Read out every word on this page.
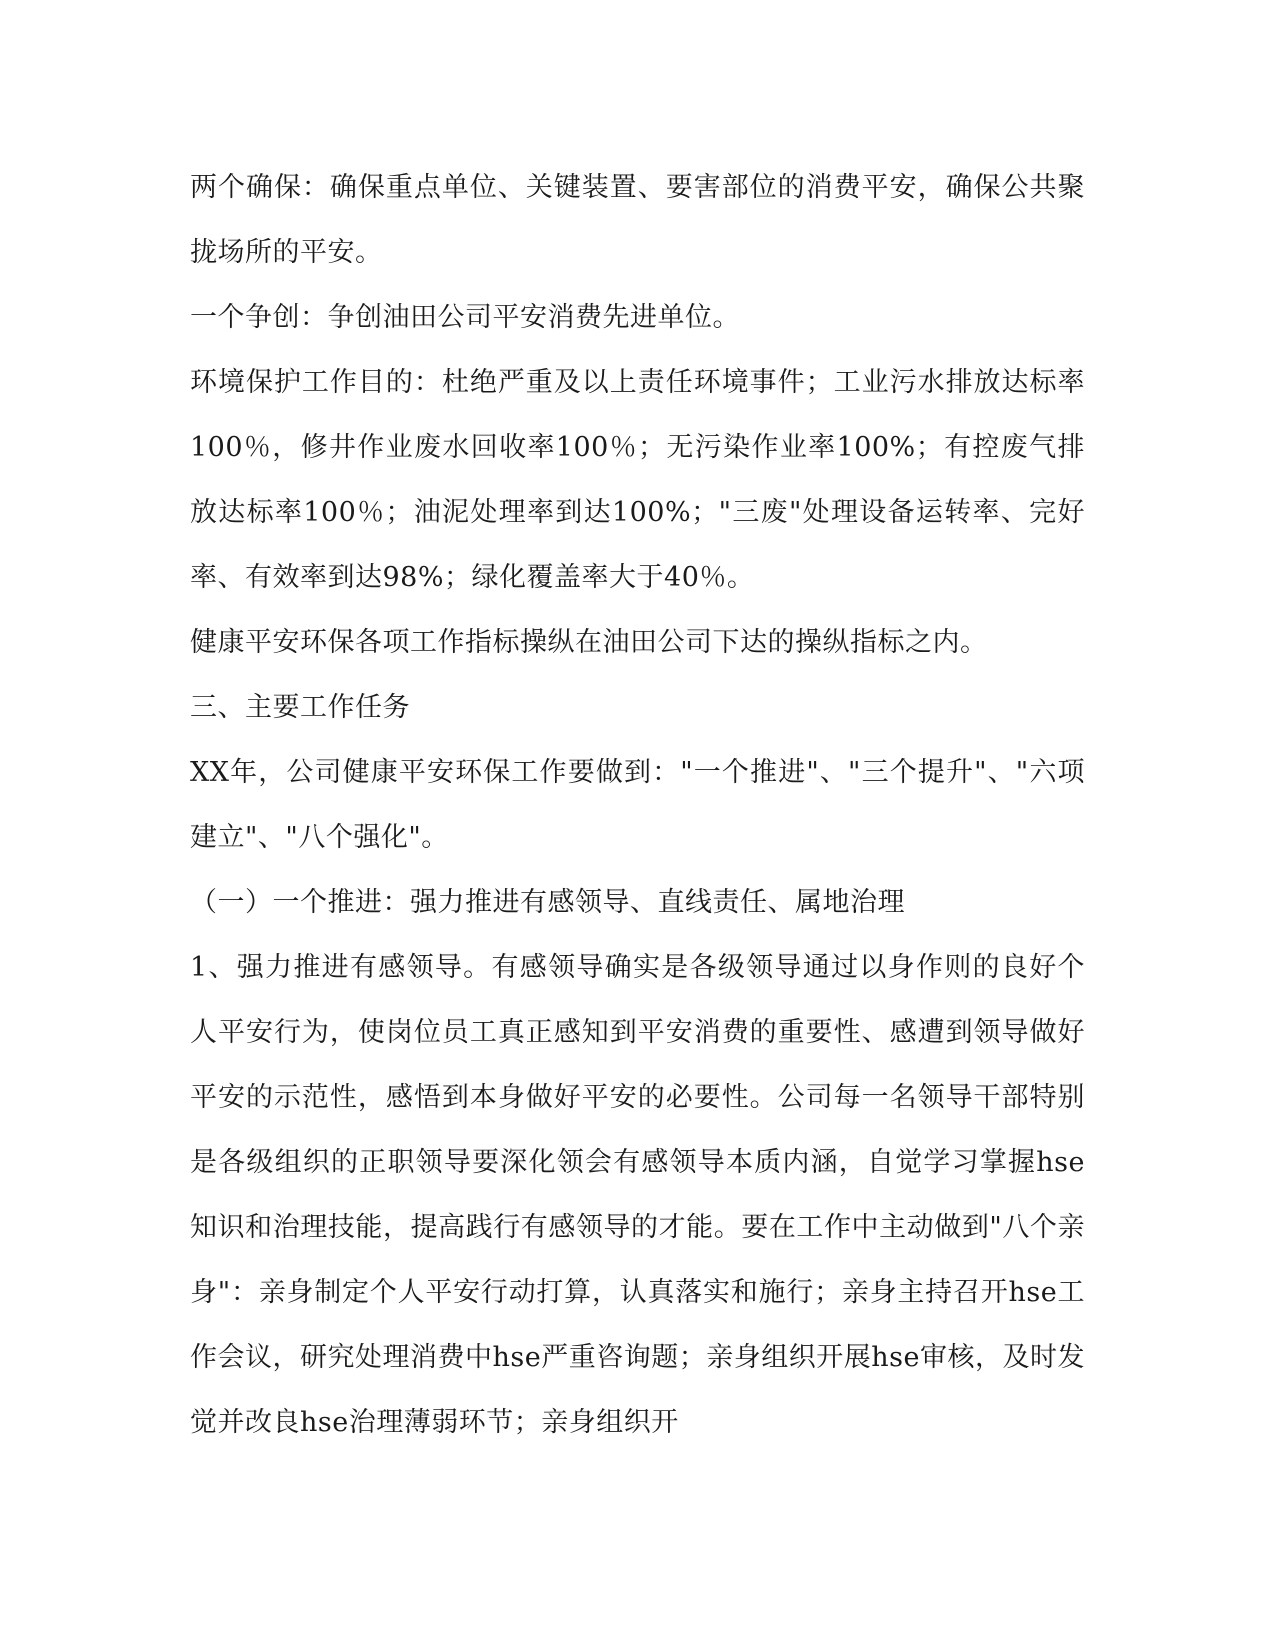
两个确保：确保重点单位、关键装置、要害部位的消费平安，确保公共聚拢场所的平安。

一个争创：争创油田公司平安消费先进单位。

环境保护工作目的：杜绝严重及以上责任环境事件；工业污水排放达标率100％，修井作业废水回收率100％；无污染作业率100%；有控废气排放达标率100％；油泥处理率到达100%；"三废"处理设备运转率、完好率、有效率到达98%；绿化覆盖率大于40％。

健康平安环保各项工作指标操纵在油田公司下达的操纵指标之内。

三、主要工作任务

XX年，公司健康平安环保工作要做到："一个推进"、"三个提升"、"六项建立"、"八个强化"。

（一）一个推进：强力推进有感领导、直线责任、属地治理

1、强力推进有感领导。有感领导确实是各级领导通过以身作则的良好个人平安行为，使岗位员工真正感知到平安消费的重要性、感遭到领导做好平安的示范性，感悟到本身做好平安的必要性。公司每一名领导干部特别是各级组织的正职领导要深化领会有感领导本质内涵，自觉学习掌握hse知识和治理技能，提高践行有感领导的才能。要在工作中主动做到"八个亲身"：亲身制定个人平安行动打算，认真落实和施行；亲身主持召开hse工作会议，研究处理消费中hse严重咨询题；亲身组织开展hse审核，及时发觉并改良hse治理薄弱环节；亲身组织开
